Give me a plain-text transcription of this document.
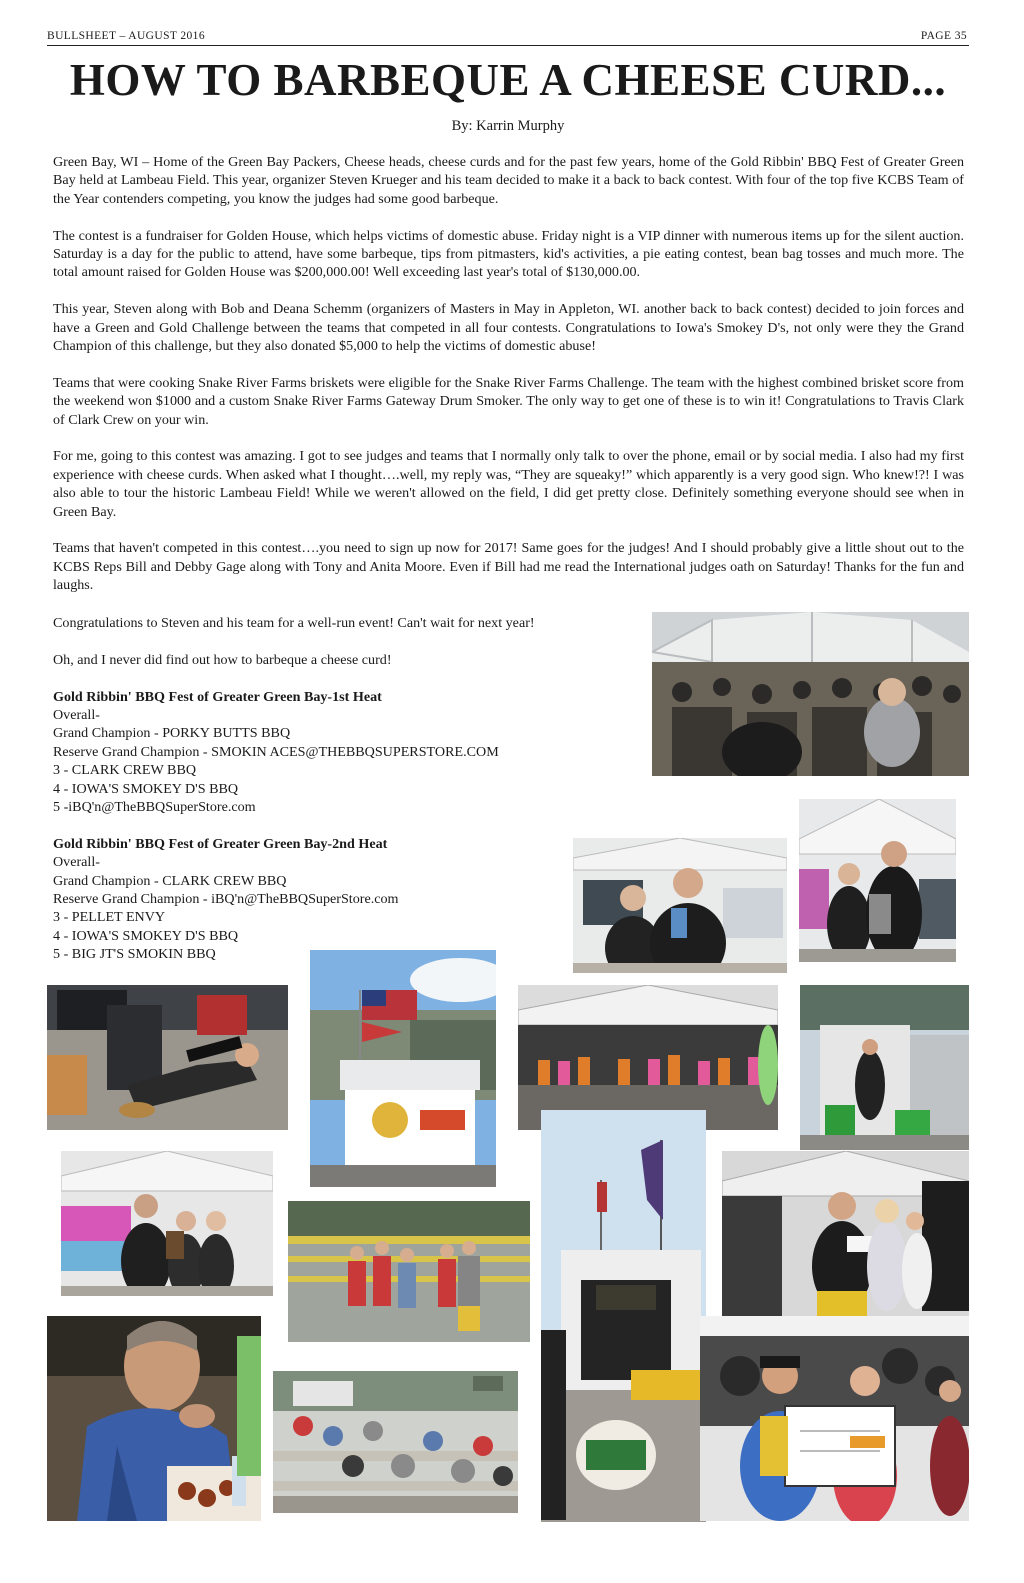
BULLSHEET – AUGUST 2016	PAGE 35
HOW TO BARBEQUE A CHEESE CURD...
By: Karrin Murphy

Green Bay, WI – Home of the Green Bay Packers, Cheese heads, cheese curds and for the past few years, home of the Gold Ribbin' BBQ Fest of Greater Green Bay held at Lambeau Field. This year, organizer Steven Krueger and his team decided to make it a back to back contest. With four of the top five KCBS Team of the Year contenders competing, you know the judges had some good barbeque.

The contest is a fundraiser for Golden House, which helps victims of domestic abuse. Friday night is a VIP dinner with numerous items up for the silent auction. Saturday is a day for the public to attend, have some barbeque, tips from pitmasters, kid's activities, a pie eating contest, bean bag tosses and much more. The total amount raised for Golden House was $200,000.00! Well exceeding last year's total of $130,000.00.

This year, Steven along with Bob and Deana Schemm (organizers of Masters in May in Appleton, WI. another back to back contest) decided to join forces and have a Green and Gold Challenge between the teams that competed in all four contests. Congratulations to Iowa's Smokey D's, not only were they the Grand Champion of this challenge, but they also donated $5,000 to help the victims of domestic abuse!

Teams that were cooking Snake River Farms briskets were eligible for the Snake River Farms Challenge. The team with the highest combined brisket score from the weekend won $1000 and a custom Snake River Farms Gateway Drum Smoker. The only way to get one of these is to win it! Congratulations to Travis Clark of Clark Crew on your win.

For me, going to this contest was amazing. I got to see judges and teams that I normally only talk to over the phone, email or by social media. I also had my first experience with cheese curds. When asked what I thought….well, my reply was, “They are squeaky!” which apparently is a very good sign. Who knew!?! I was also able to tour the historic Lambeau Field! While we weren't allowed on the field, I did get pretty close. Definitely something everyone should see when in Green Bay.

Teams that haven't competed in this contest….you need to sign up now for 2017! Same goes for the judges! And I should probably give a little shout out to the KCBS Reps Bill and Debby Gage along with Tony and Anita Moore. Even if Bill had me read the International judges oath on Saturday! Thanks for the fun and laughs.

Congratulations to Steven and his team for a well-run event! Can't wait for next year!

Oh, and I never did find out how to barbeque a cheese curd!

Gold Ribbin' BBQ Fest of Greater Green Bay-1st Heat
Overall-
Grand Champion - PORKY BUTTS BBQ
Reserve Grand Champion - SMOKIN ACES@THEBBQSUPERSTORE.COM
3 - CLARK CREW BBQ
4 - IOWA'S SMOKEY D'S BBQ
5 -iBQ'n@TheBBQSuperStore.com
Gold Ribbin' BBQ Fest of Greater Green Bay-2nd Heat
Overall-
Grand Champion - CLARK CREW BBQ
Reserve Grand Champion - iBQ'n@TheBBQSuperStore.com
3 - PELLET ENVY
4 - IOWA'S SMOKEY D'S BBQ
5 - BIG JT'S SMOKIN BBQ
